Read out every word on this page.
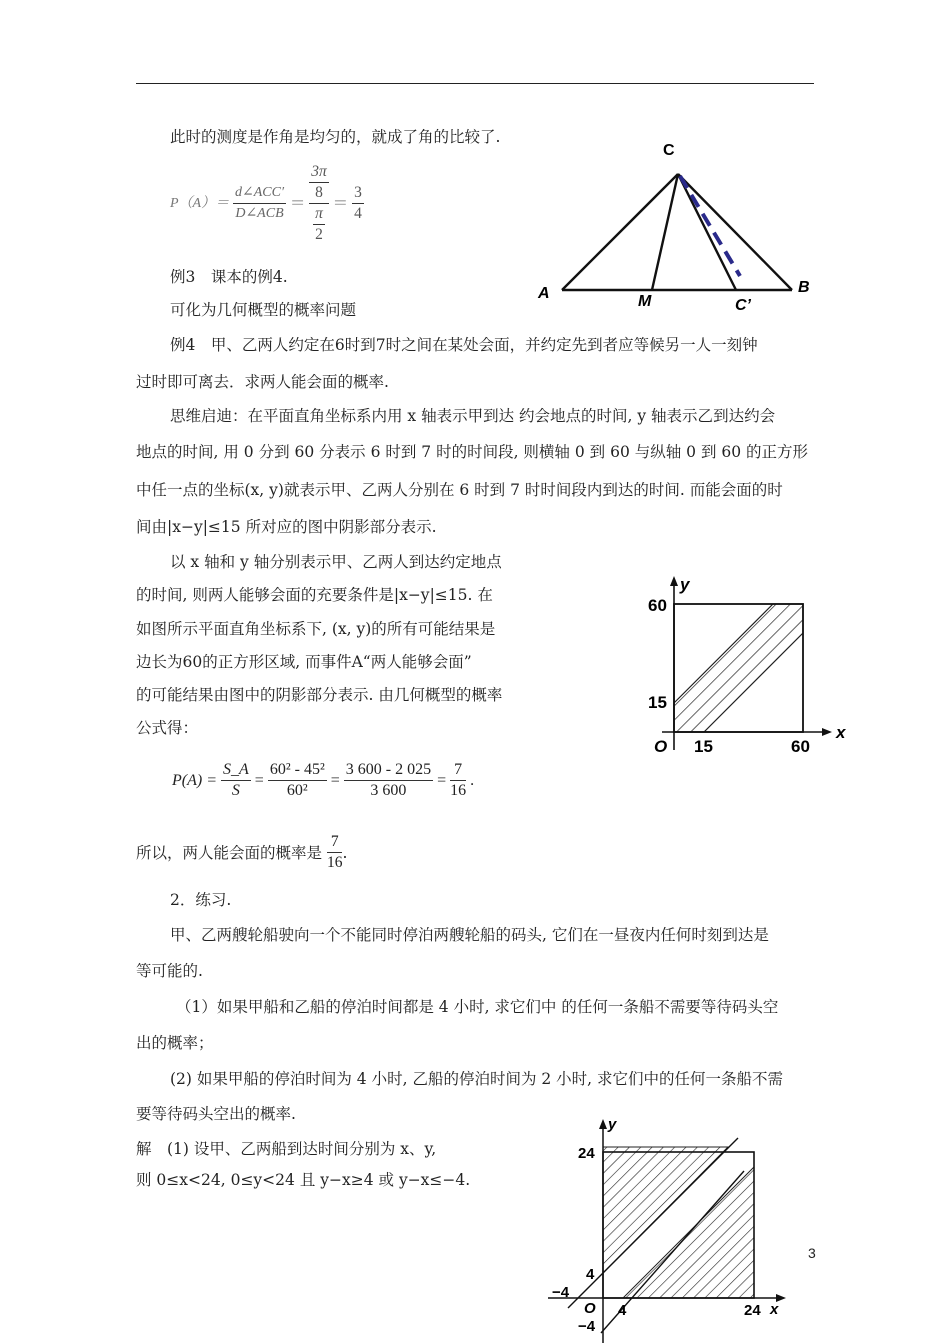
此时的测度是作角是均匀的，就成了角的比较了.
$P(A)= \frac{\text{d∠ACC′}}{\text{D∠ACB}} = \frac{\frac{3\pi}{8}}{\frac{\pi}{2}} = \frac{3}{4}$
C
A	B
M	C’
例3　课本的例4.
可化为几何概型的概率问题
例4　甲、乙两人约定在6时到7时之间在某处会面，并约定先到者应等候另一人一刻钟
过时即可离去．求两人能会面的概率.
思维启迪：在平面直角坐标系内用 x 轴表示甲到达 约会地点的时间, y 轴表示乙到达约会
地点的时间, 用 0 分到 60 分表示 6 时到 7 时的时间段, 则横轴 0 到 60 与纵轴 0 到 60 的正方形
中任一点的坐标(x, y)就表示甲、乙两人分别在 6 时到 7 时时间段内到达的时间. 而能会面的时
间由|x−y|≤15 所对应的图中阴影部分表示.
以 x 轴和 y 轴分别表示甲、乙两人到达约定地点
的时间, 则两人能够会面的充要条件是|x−y|≤15. 在
如图所示平面直角坐标系下, (x, y)的所有可能结果是
边长为60的正方形区域, 而事件A“两人能够会面”
的可能结果由图中的阴影部分表示. 由几何概型的概率
公式得：
y
x
60
15
O 15	60
$P(A) = \frac{S\_A}{S} = \frac{\text{60² - 45²}}{\text{60²}} = \frac{3 600 - 2 025}{3 600} = \frac{7}{16}$ .
所以，两人能会面的概率是 $\frac{7}{16}$ .
2．练习.
甲、乙两艘轮船驶向一个不能同时停泊两艘轮船的码头, 它们在一昼夜内任何时刻到达是
等可能的.
（1）如果甲船和乙船的停泊时间都是 4 小时, 求它们中 的任何一条船不需要等待码头空
出的概率；
(2) 如果甲船的停泊时间为 4 小时, 乙船的停泊时间为 2 小时, 求它们中的任何一条船不需
要等待码头空出的概率.
解　(1) 设甲、乙两船到达时间分别为 x、y,
则 0≤x<24, 0≤y<24 且 y−x≥4 或 y−x≤−4.
y
x
24
4
−4
O 4	24
−4
3
